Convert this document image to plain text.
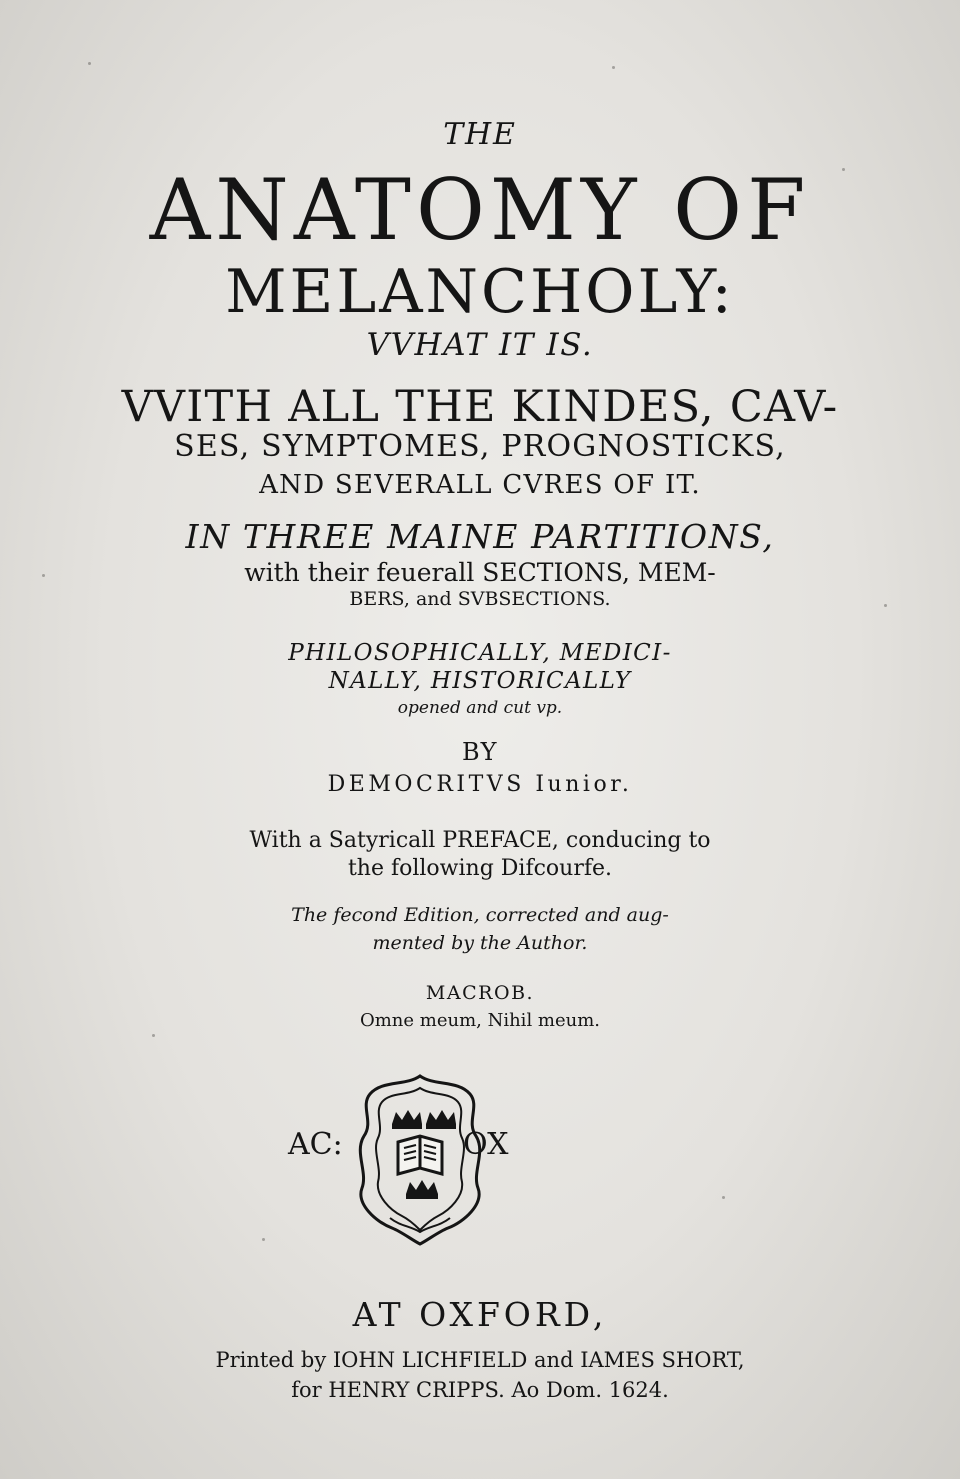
THE
ANATOMY OF
MELANCHOLY:
VVHAT IT IS.
VVITH ALL THE KINDES, CAV-
SES, SYMPTOMES, PROGNOSTICKS,
AND SEVERALL CVRES OF IT.
IN THREE MAINE PARTITIONS,
with their feuerall SECTIONS, MEM-
BERS, and SVBSECTIONS.
PHILOSOPHICALLY, MEDICI-
NALLY, HISTORICALLY
opened and cut vp.
BY
DEMOCRITVS Iunior.
With a Satyricall PREFACE, conducing to
the following Difcourfe.
The fecond Edition, corrected and aug-
mented by the Author.
MACROB.
Omne meum, Nihil meum.
AC:	OX
AT OXFORD,
Printed by IOHN LICHFIELD and IAMES SHORT,
for HENRY CRIPPS. Ao Dom. 1624.
